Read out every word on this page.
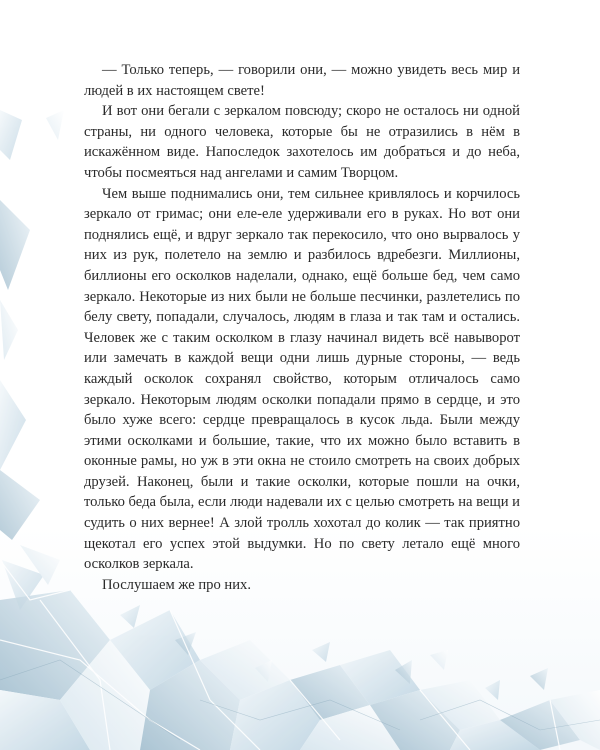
— Только теперь, — говорили они, — можно увидеть весь мир и людей в их настоящем свете!

И вот они бегали с зеркалом повсюду; скоро не осталось ни одной страны, ни одного человека, которые бы не отразились в нём в искажённом виде. Напоследок захотелось им добраться и до неба, чтобы посмеяться над ангелами и самим Творцом.

Чем выше поднимались они, тем сильнее кривлялось и корчилось зеркало от гримас; они еле-еле удерживали его в руках. Но вот они поднялись ещё, и вдруг зеркало так перекосило, что оно вырвалось у них из рук, полетело на землю и разбилось вдребезги. Миллионы, биллионы его осколков наделали, однако, ещё больше бед, чем само зеркало. Некоторые из них были не больше песчинки, разлетелись по белу свету, попадали, случалось, людям в глаза и так там и остались. Человек же с таким осколком в глазу начинал видеть всё навыворот или замечать в каждой вещи одни лишь дурные стороны, — ведь каждый осколок сохранял свойство, которым отличалось само зеркало. Некоторым людям осколки попадали прямо в сердце, и это было хуже всего: сердце превращалось в кусок льда. Были между этими осколками и большие, такие, что их можно было вставить в оконные рамы, но уж в эти окна не стоило смотреть на своих добрых друзей. Наконец, были и такие осколки, которые пошли на очки, только беда была, если люди надевали их с целью смотреть на вещи и судить о них вернее! А злой тролль хохотал до колик — так приятно щекотал его успех этой выдумки. Но по свету летало ещё много осколков зеркала.

Послушаем же про них.
